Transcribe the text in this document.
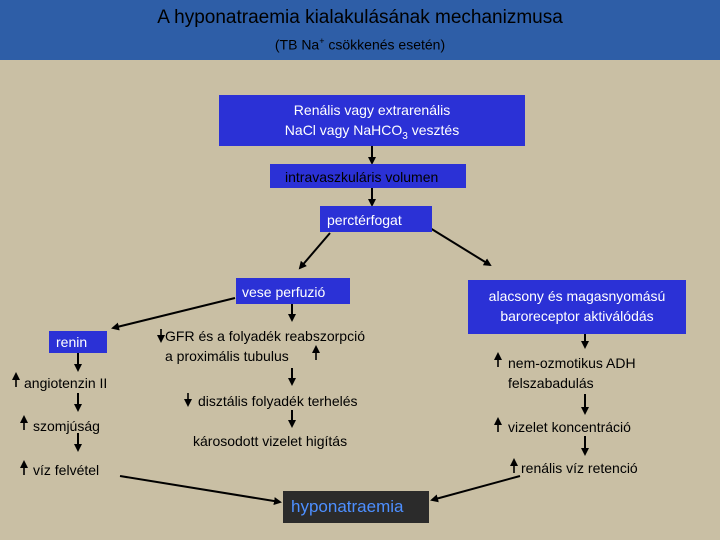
A hyponatraemia kialakulásának mechanizmusa
(TB Na+ csökkenés esetén)
Renális vagy extrarenális
NaCl vagy NaHCO$_3$ vesztés
intravaszkuláris volumen
perctérfogat
vese perfuzió	alacsony és magasnyomású
baroreceptor aktiválódás
renin
angiotenzin II
szomjúság
víz felvétel
GFR és a folyadék reabszorpció
a proximális tubulus
disztális folyadék terhelés
károsodott vizelet higítás
nem-ozmotikus ADH
felszabadulás
vizelet koncentráció
renális víz retenció
hyponatraemia
